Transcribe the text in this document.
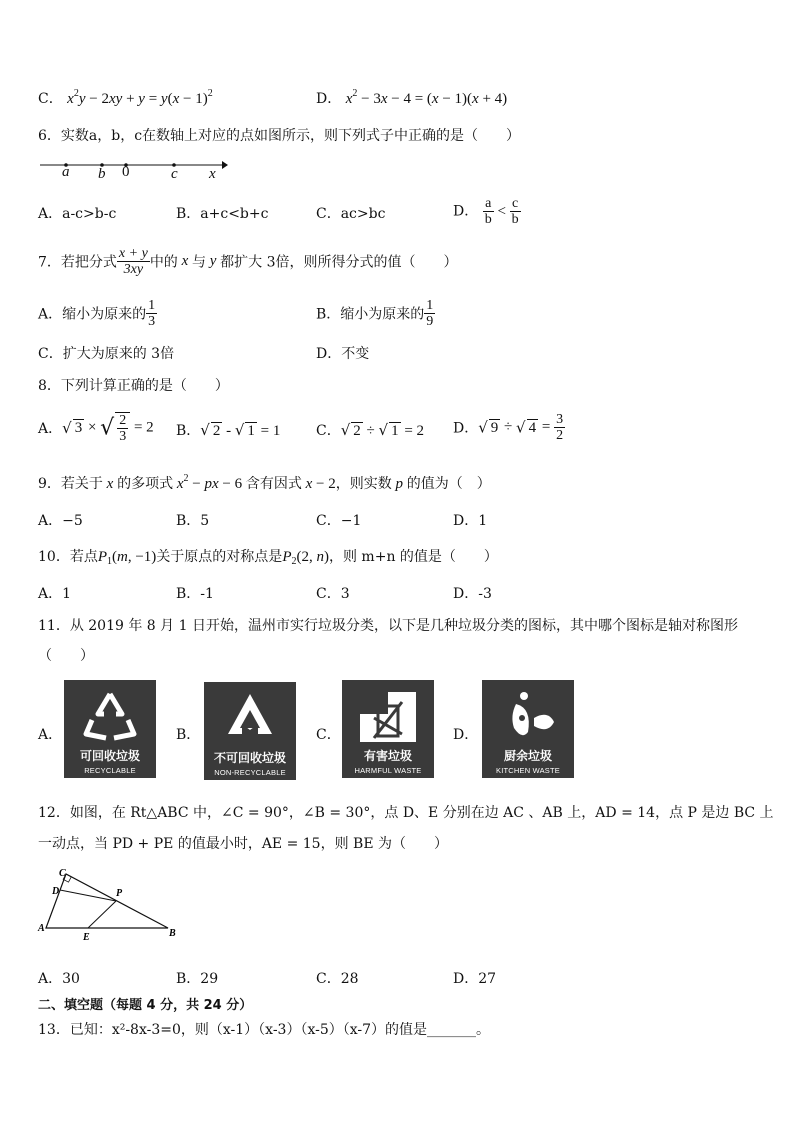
C． $x^2y - 2xy + y = y(x - 1)^2$	D． $x^2 - 3x - 4 = (x - 1)(x + 4)$
6．实数a，b，c在数轴上对应的点如图所示，则下列式子中正确的是（　　）
a b 0	c x
A．a-c>b-c	B．a+c<b+c	C．ac>bc	D． $\frac{a}{b} < \frac{c}{b}$
7．若把分式 $\frac{x + y}{3xy}$ 中的 x 与 y 都扩大 3倍，则所得分式的值（　　）
A．缩小为原来的 $\frac{1}{3}$	B．缩小为原来的 $\frac{1}{9}$
C．扩大为原来的 3倍	D．不变
8．下列计算正确的是（　　）
A．√ 3 × √ $\frac{2}{3} = 2$ B．√ 2 - √ 1 = 1	C．√ 2 ÷ √ 1 = 2 D．√ 9 ÷ √ $4 = \frac{3}{2}$
9．若关于 x 的多项式 $x^2$ − px − 6 含有因式 x − 2，则实数 p 的值为（　）
A．−5	B．5	C．−1	D．1
10．若点$P_1(m$, −1)关于原点的对称点是$P_2(2$, n)，则 m+n 的值是（　　）
A．1	B．-1	C．3	D．-3
11．从 2019 年 8 月 1 日开始，温州市实行垃圾分类，以下是几种垃圾分类的图标，其中哪个图标是轴对称图形
（　　）
A．
可回收垃圾
RECYCLABLE
B．
不可回收垃圾
NON-RECYCLABLE
C．
有害垃圾
HARMFUL WASTE
D．
厨余垃圾
KITCHEN WASTE
12．如图，在 Rt△ABC 中，∠C = 90°，∠B = 30°，点 D、E 分别在边 AC 、AB 上，AD = 14，点 P 是边 BC 上
一动点，当 PD + PE 的值最小时，AE = 15，则 BE 为（　　）
C
D	P
A
E	B
A．30	B．29	C．28	D．27
二、填空题（每题 4 分，共 24 分）
13．已知：x²-8x-3=0，则（x-1）（x-3）（x-5）（x-7）的值是_______。
